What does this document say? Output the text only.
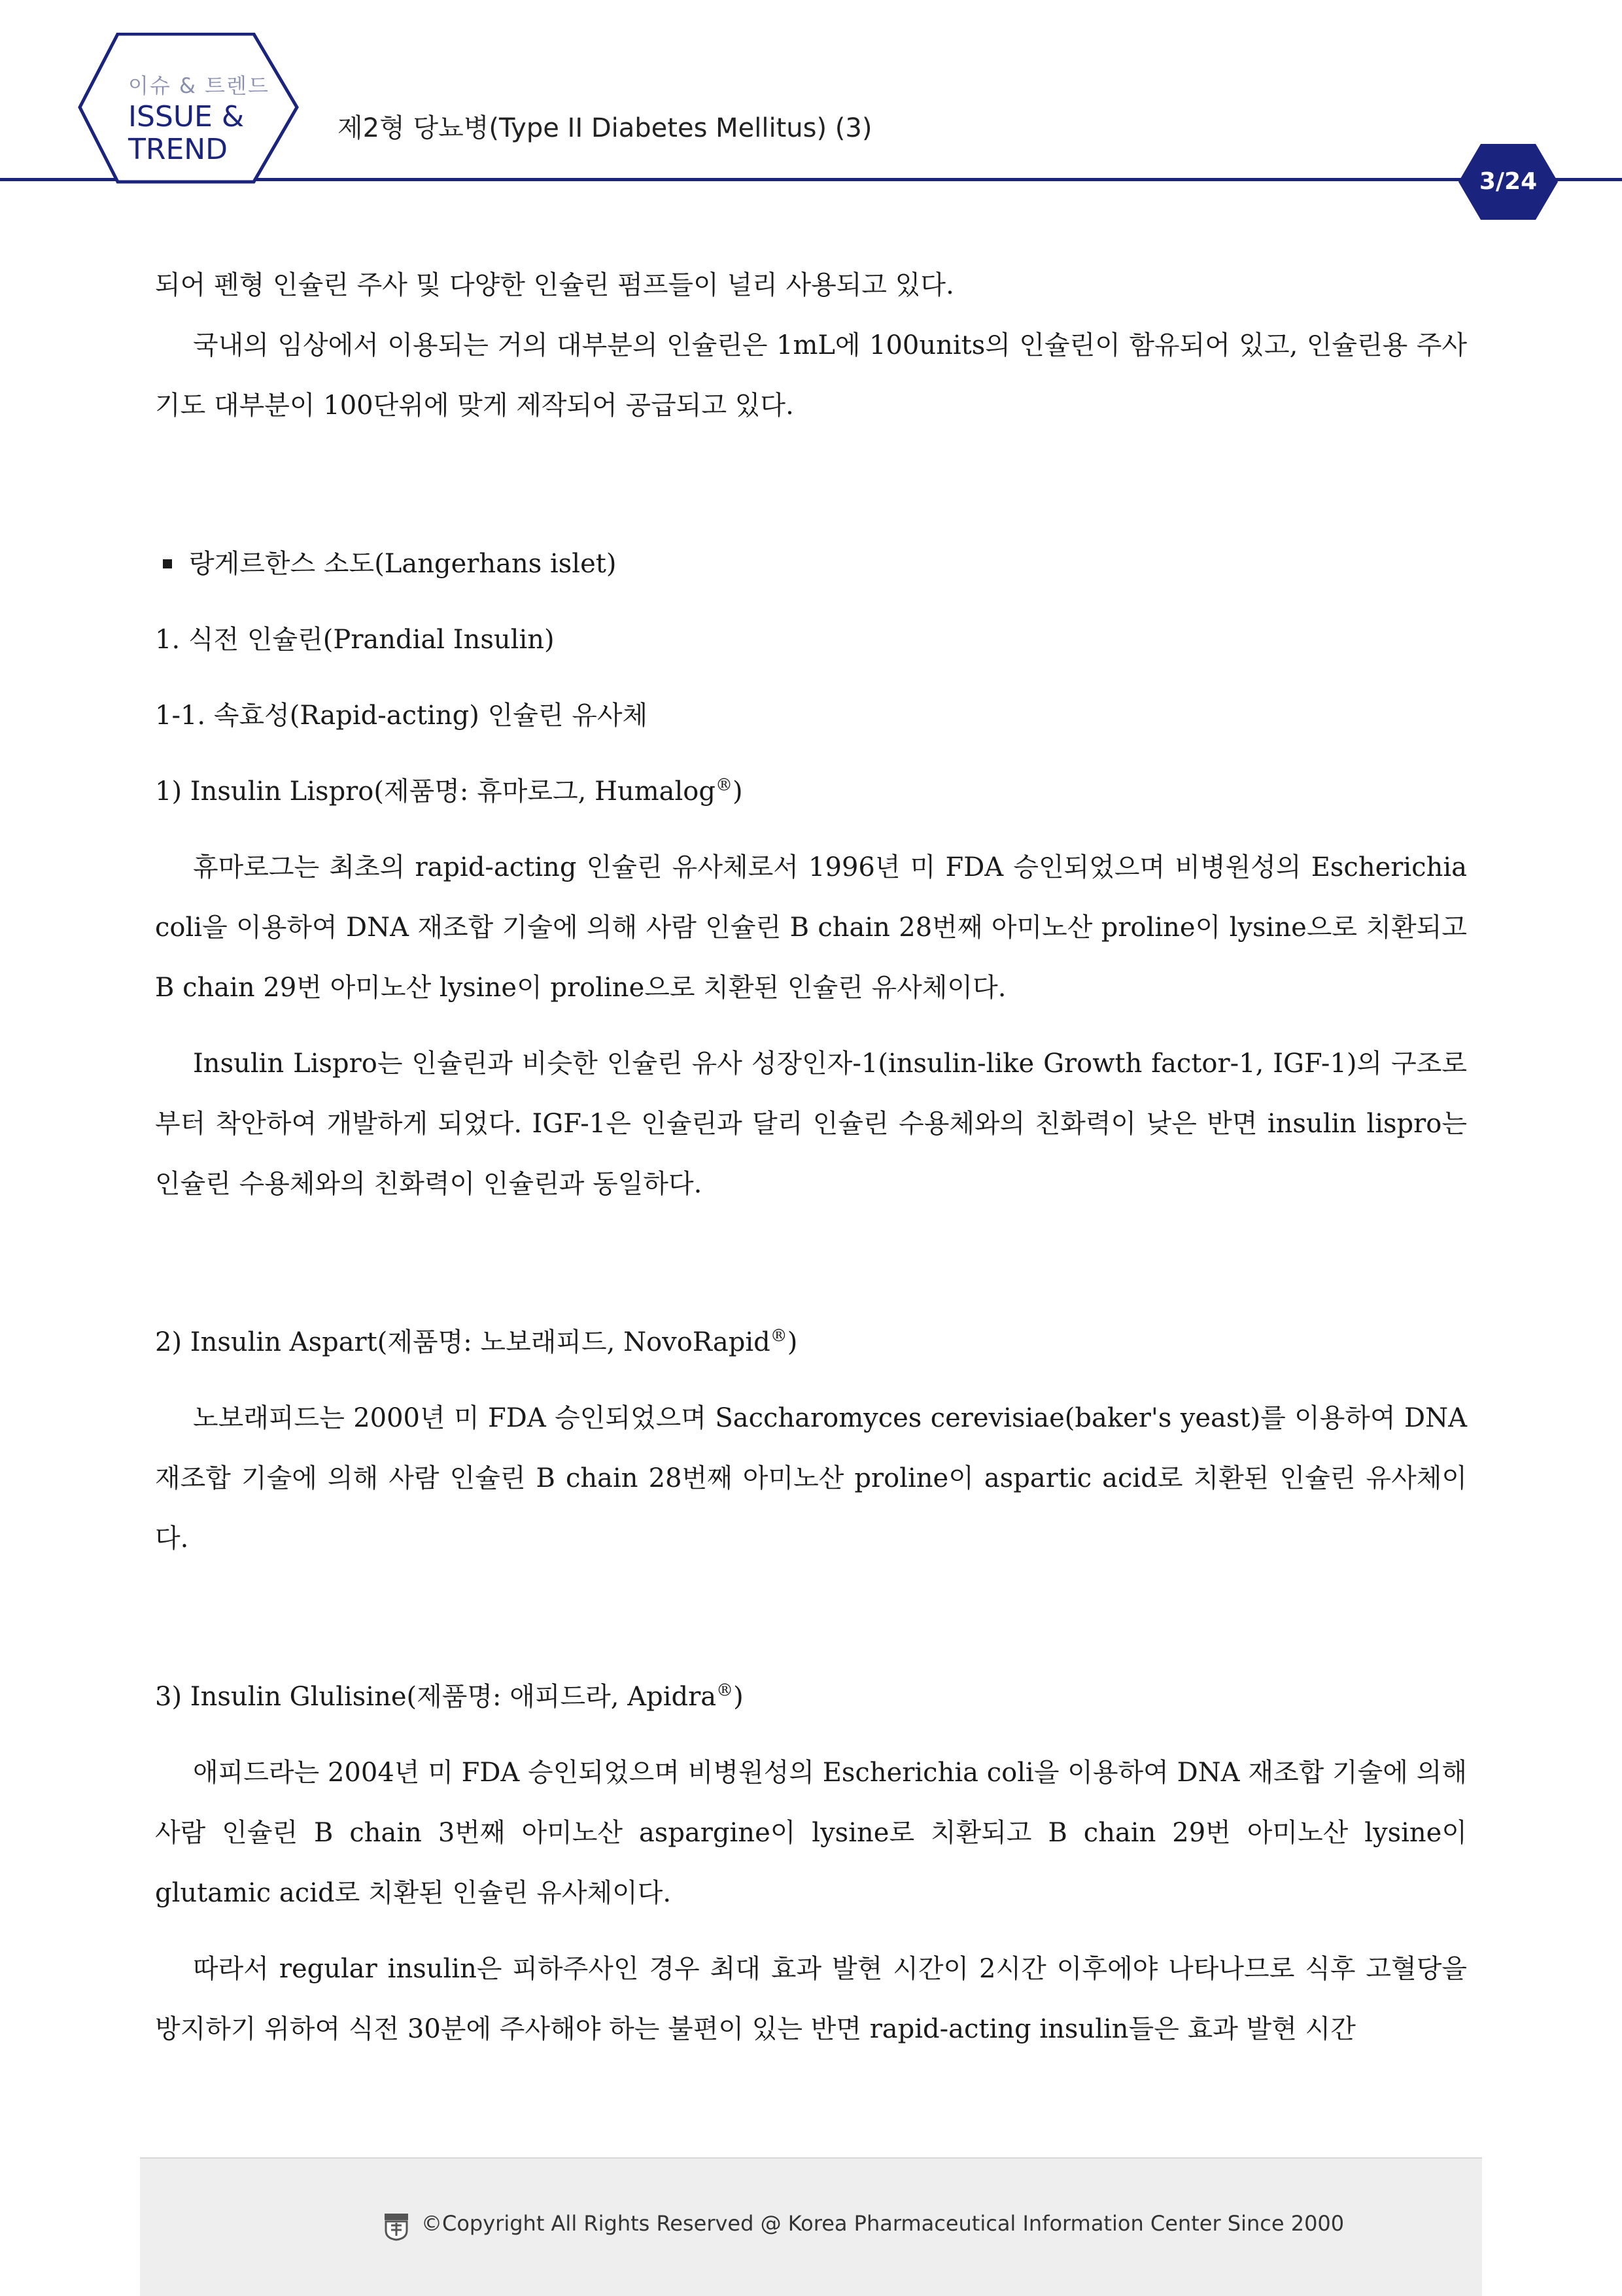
이슈 & 트렌드
ISSUE &
TREND
제2형 당뇨병(Type II Diabetes Mellitus) (3)
3/24

되어 펜형 인슐린 주사 및 다양한 인슐린 펌프들이 널리 사용되고 있다.

국내의 임상에서 이용되는 거의 대부분의 인슐린은 1mL에 100units의 인슐린이 함유되어 있고, 인슐린용 주사기도 대부분이 100단위에 맞게 제작되어 공급되고 있다.

랑게르한스 소도(Langerhans islet)

1. 식전 인슐린(Prandial Insulin)

1-1. 속효성(Rapid-acting) 인슐린 유사체

1) Insulin Lispro(제품명: 휴마로그, Humalog®)

휴마로그는 최초의 rapid-acting 인슐린 유사체로서 1996년 미 FDA 승인되었으며 비병원성의 Escherichia coli을 이용하여 DNA 재조합 기술에 의해 사람 인슐린 B chain 28번째 아미노산 proline이 lysine으로 치환되고 B chain 29번 아미노산 lysine이 proline으로 치환된 인슐린 유사체이다.

Insulin Lispro는 인슐린과 비슷한 인슐린 유사 성장인자-1(insulin-like Growth factor-1, IGF-1)의 구조로부터 착안하여 개발하게 되었다. IGF-1은 인슐린과 달리 인슐린 수용체와의 친화력이 낮은 반면 insulin lispro는 인슐린 수용체와의 친화력이 인슐린과 동일하다.

2) Insulin Aspart(제품명: 노보래피드, NovoRapid®)

노보래피드는 2000년 미 FDA 승인되었으며 Saccharomyces cerevisiae(baker's yeast)를 이용하여 DNA 재조합 기술에 의해 사람 인슐린 B chain 28번째 아미노산 proline이 aspartic acid로 치환된 인슐린 유사체이다.

3) Insulin Glulisine(제품명: 애피드라, Apidra®)

애피드라는 2004년 미 FDA 승인되었으며 비병원성의 Escherichia coli을 이용하여 DNA 재조합 기술에 의해 사람 인슐린 B chain 3번째 아미노산 aspargine이 lysine로 치환되고 B chain 29번 아미노산 lysine이 glutamic acid로 치환된 인슐린 유사체이다.

따라서 regular insulin은 피하주사인 경우 최대 효과 발현 시간이 2시간 이후에야 나타나므로 식후 고혈당을 방지하기 위하여 식전 30분에 주사해야 하는 불편이 있는 반면 rapid-acting insulin들은 효과 발현 시간

©Copyright All Rights Reserved @ Korea Pharmaceutical Information Center Since 2000
